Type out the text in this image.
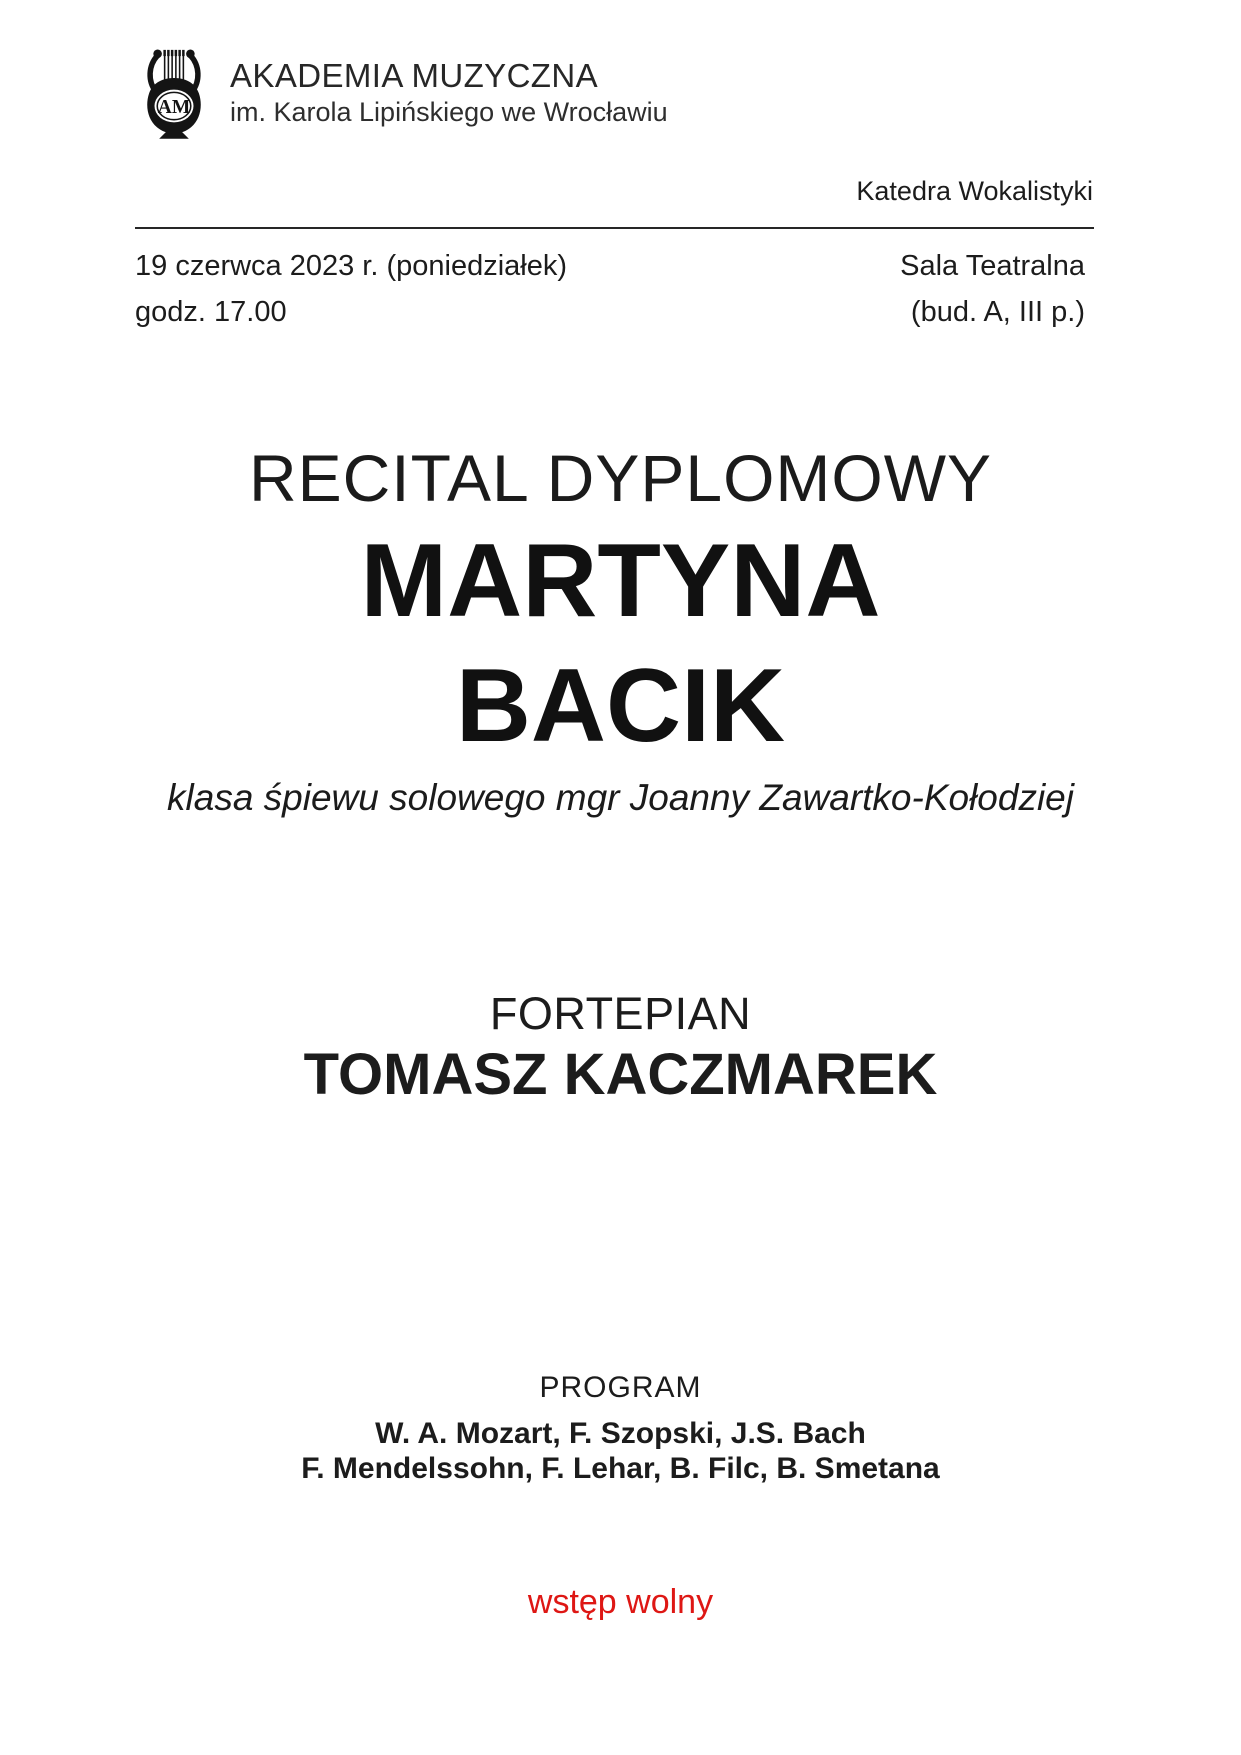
AM
AKADEMIA MUZYCZNA
im. Karola Lipińskiego we Wrocławiu
Katedra Wokalistyki
19 czerwca 2023 r. (poniedziałek)
godz. 17.00
Sala Teatralna
(bud. A, III p.)
RECITAL DYPLOMOWY
MARTYNA
BACIK
klasa śpiewu solowego mgr Joanny Zawartko-Kołodziej
FORTEPIAN
TOMASZ KACZMAREK
PROGRAM
W. A. Mozart, F. Szopski, J.S. Bach
F. Mendelssohn, F. Lehar, B. Filc, B. Smetana
wstęp wolny
